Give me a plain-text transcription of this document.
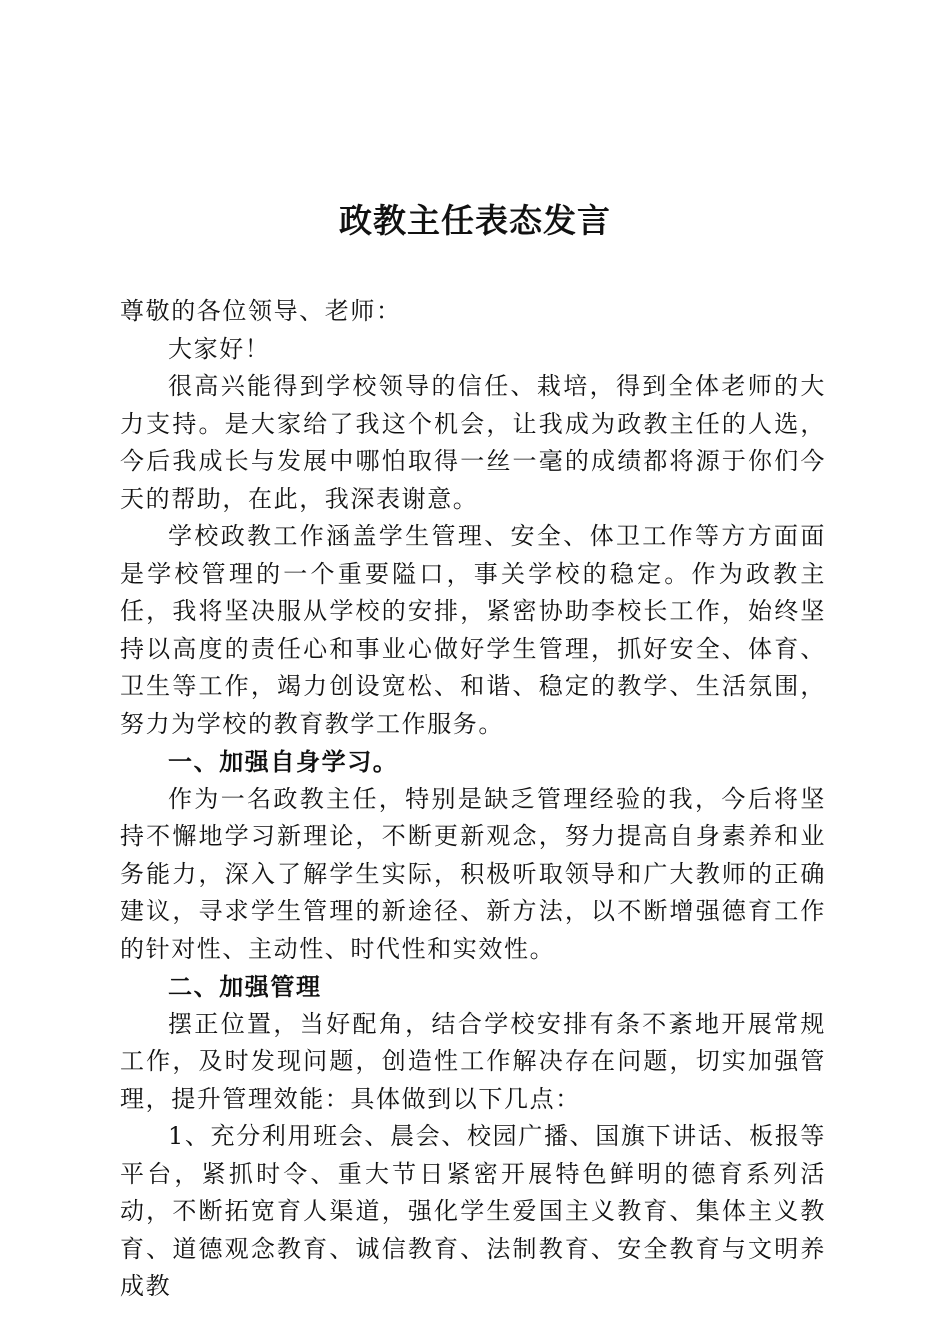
政教主任表态发言

尊敬的各位领导、老师：

大家好！

很高兴能得到学校领导的信任、栽培，得到全体老师的大力支持。是大家给了我这个机会，让我成为政教主任的人选，今后我成长与发展中哪怕取得一丝一毫的成绩都将源于你们今天的帮助，在此，我深表谢意。

学校政教工作涵盖学生管理、安全、体卫工作等方方面面是学校管理的一个重要隘口，事关学校的稳定。作为政教主任，我将坚决服从学校的安排，紧密协助李校长工作，始终坚持以高度的责任心和事业心做好学生管理，抓好安全、体育、卫生等工作，竭力创设宽松、和谐、稳定的教学、生活氛围，努力为学校的教育教学工作服务。

一、加强自身学习。

作为一名政教主任，特别是缺乏管理经验的我，今后将坚持不懈地学习新理论，不断更新观念，努力提高自身素养和业务能力，深入了解学生实际，积极听取领导和广大教师的正确建议，寻求学生管理的新途径、新方法，以不断增强德育工作的针对性、主动性、时代性和实效性。

二、加强管理

摆正位置，当好配角，结合学校安排有条不紊地开展常规工作，及时发现问题，创造性工作解决存在问题，切实加强管理，提升管理效能：具体做到以下几点：

1、充分利用班会、晨会、校园广播、国旗下讲话、板报等平台，紧抓时令、重大节日紧密开展特色鲜明的德育系列活动，不断拓宽育人渠道，强化学生爱国主义教育、集体主义教育、道德观念教育、诚信教育、法制教育、安全教育与文明养成教
